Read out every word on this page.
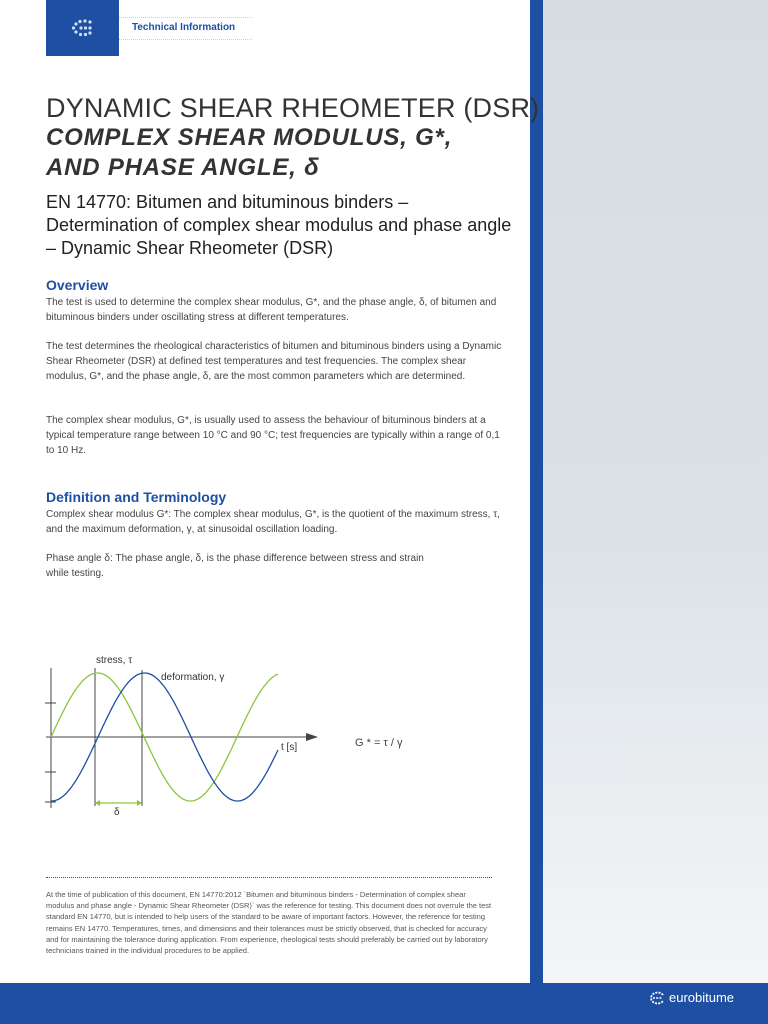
Technical Information
DYNAMIC SHEAR RHEOMETER (DSR)
COMPLEX SHEAR MODULUS, G*,
AND PHASE ANGLE, δ
EN 14770: Bitumen and bituminous binders – Determination of complex shear modulus and phase angle – Dynamic Shear Rheometer (DSR)
Overview
The test is used to determine the complex shear modulus, G*, and the phase angle, δ, of bitumen and bituminous binders under oscillating stress at different temperatures.
The test determines the rheological characteristics of bitumen and bituminous binders using a Dynamic Shear Rheometer (DSR) at defined test temperatures and test frequencies. The complex shear modulus, G*, and the phase angle, δ, are the most common parameters which are determined.
The complex shear modulus, G*, is usually used to assess the behaviour of bituminous binders at a typical temperature range between 10 °C and 90 °C; test frequencies are typically within a range of 0,1 to 10 Hz.
Definition and Terminology
Complex shear modulus G*: The complex shear modulus, G*, is the quotient of the maximum stress, τ, and the maximum deformation, γ, at sinusoidal oscillation loading.
Phase angle δ: The phase angle, δ, is the phase difference between stress and strain while testing.
stress, τ
deformation, γ
t [s]
δ
G * = τ / γ
At the time of publication of this document, EN 14770:2012 `Bitumen and bituminous binders - Determination of complex shear modulus and phase angle - Dynamic Shear Rheometer (DSR)` was the reference for testing. This document does not overrule the test standard EN 14770, but is intended to help users of the standard to be aware of important factors. However, the reference for testing remains EN 14770. Temperatures, times, and dimensions and their tolerances must be strictly observed, that is checked for accuracy and for maintaining the tolerance during application. From experience, rheological tests should preferably be carried out by laboratory technicians trained in the individual procedures to be applied.
eurobitume
